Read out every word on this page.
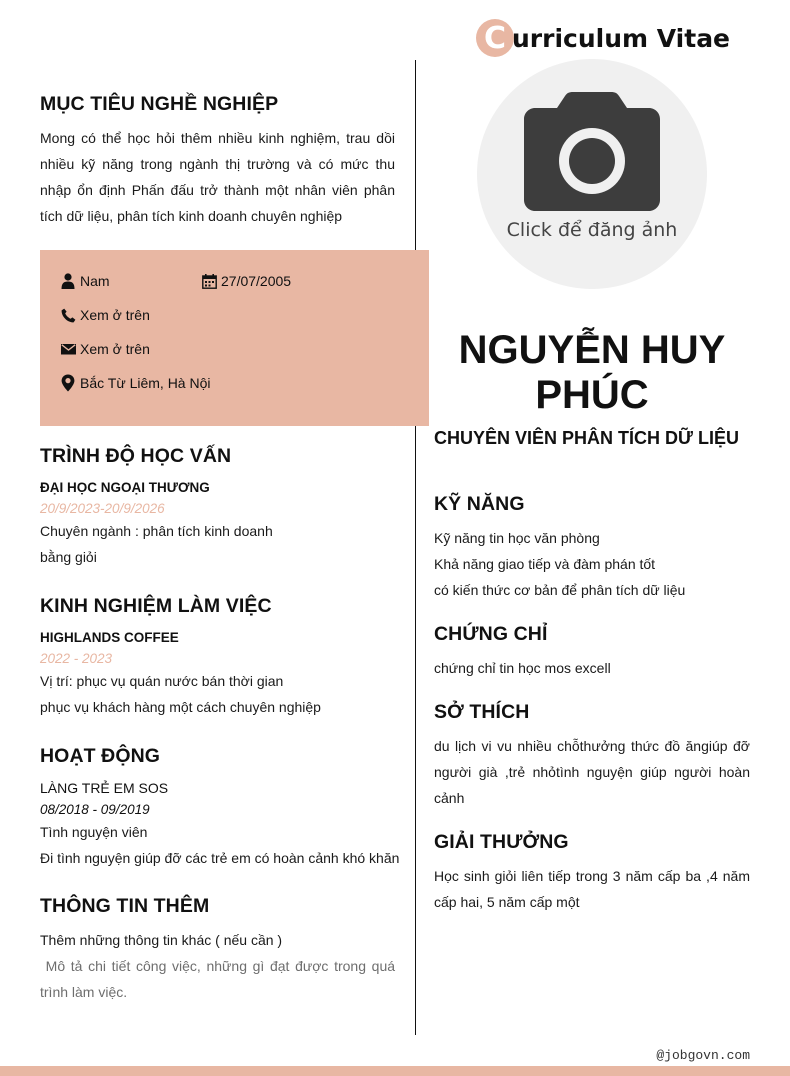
C urriculum Vitae
MỤC TIÊU NGHỀ NGHIỆP
Mong có thể học hỏi thêm nhiều kinh nghiệm, trau dồi nhiều kỹ năng trong ngành thị trường và có mức thu nhập ổn định Phấn đấu trở thành một nhân viên phân tích dữ liệu, phân tích kinh doanh chuyên nghiệp
Nam	27/07/2005
Xem ở trên
Xem ở trên
Bắc Từ Liêm, Hà Nội
TRÌNH ĐỘ HỌC VẤN
ĐẠI HỌC NGOẠI THƯƠNG
20/9/2023-20/9/2026
Chuyên ngành : phân tích kinh doanh
bằng giỏi
KINH NGHIỆM LÀM VIỆC
HIGHLANDS COFFEE
2022 - 2023
Vị trí: phục vụ quán nước bán thời gian
phục vụ khách hàng một cách chuyên nghiệp
HOẠT ĐỘNG
LÀNG TRẺ EM SOS
08/2018 - 09/2019
Tình nguyện viên
Đi tình nguyện giúp đỡ các trẻ em có hoàn cảnh khó khăn
THÔNG TIN THÊM
Thêm những thông tin khác ( nếu cần )
Mô tả chi tiết công việc, những gì đạt được trong quá trình làm việc.
Click để đăng ảnh
NGUYỄN HUY PHÚC
CHUYÊN VIÊN PHÂN TÍCH DỮ LIỆU
KỸ NĂNG
Kỹ năng tin học văn phòng
Khả năng giao tiếp và đàm phán tốt
có kiến thức cơ bản để phân tích dữ liệu
CHỨNG CHỈ
chứng chỉ tin học mos excell
SỞ THÍCH
du lịch vi vu nhiều chỗthưởng thức đồ ăngiúp đỡ người già ,trẻ nhỏtình nguyện giúp người hoàn cảnh
GIẢI THƯỞNG
Học sinh giỏi liên tiếp trong 3 năm cấp ba ,4 năm cấp hai, 5 năm cấp một
@jobgovn.com
